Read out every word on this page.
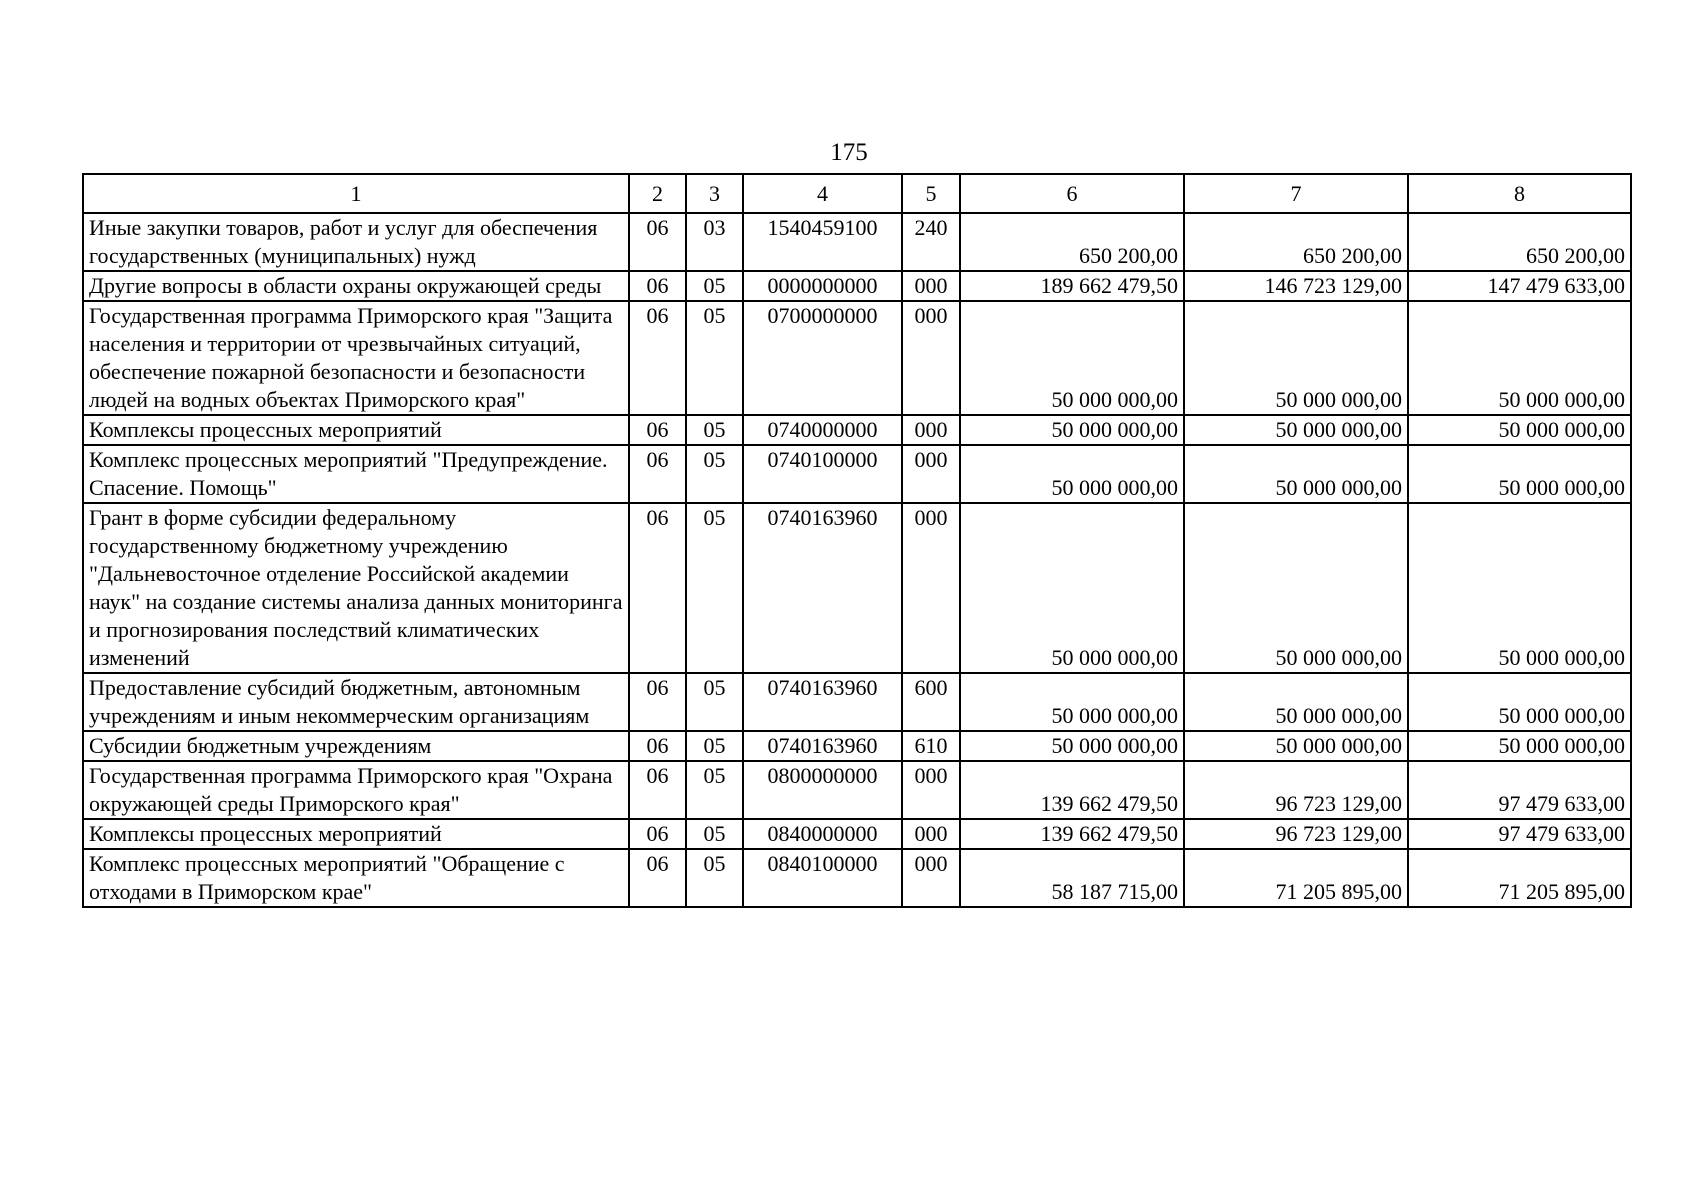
175
1	2	3	4	5	6	7	8
Иные закупки товаров, работ и услуг для обеспечения государственных (муниципальных) нужд	06	03	1540459100	240	650 200,00	650 200,00	650 200,00
Другие вопросы в области охраны окружающей среды	06	05	0000000000	000	189 662 479,50	146 723 129,00	147 479 633,00
Государственная программа Приморского края "Защита населения и территории от чрезвычайных ситуаций, обеспечение пожарной безопасности и безопасности людей на водных объектах Приморского края"	06	05	0700000000	000	50 000 000,00	50 000 000,00	50 000 000,00
Комплексы процессных мероприятий	06	05	0740000000	000	50 000 000,00	50 000 000,00	50 000 000,00
Комплекс процессных мероприятий "Предупреждение. Спасение. Помощь"	06	05	0740100000	000	50 000 000,00	50 000 000,00	50 000 000,00
Грант в форме субсидии федеральному государственному бюджетному учреждению "Дальневосточное отделение Российской академии наук" на создание системы анализа данных мониторинга и прогнозирования последствий климатических изменений	06	05	0740163960	000	50 000 000,00	50 000 000,00	50 000 000,00
Предоставление субсидий бюджетным, автономным учреждениям и иным некоммерческим организациям	06	05	0740163960	600	50 000 000,00	50 000 000,00	50 000 000,00
Субсидии бюджетным учреждениям	06	05	0740163960	610	50 000 000,00	50 000 000,00	50 000 000,00
Государственная программа Приморского края "Охрана окружающей среды Приморского края"	06	05	0800000000	000	139 662 479,50	96 723 129,00	97 479 633,00
Комплексы процессных мероприятий	06	05	0840000000	000	139 662 479,50	96 723 129,00	97 479 633,00
Комплекс процессных мероприятий "Обращение с отходами в Приморском крае"	06	05	0840100000	000	58 187 715,00	71 205 895,00	71 205 895,00
